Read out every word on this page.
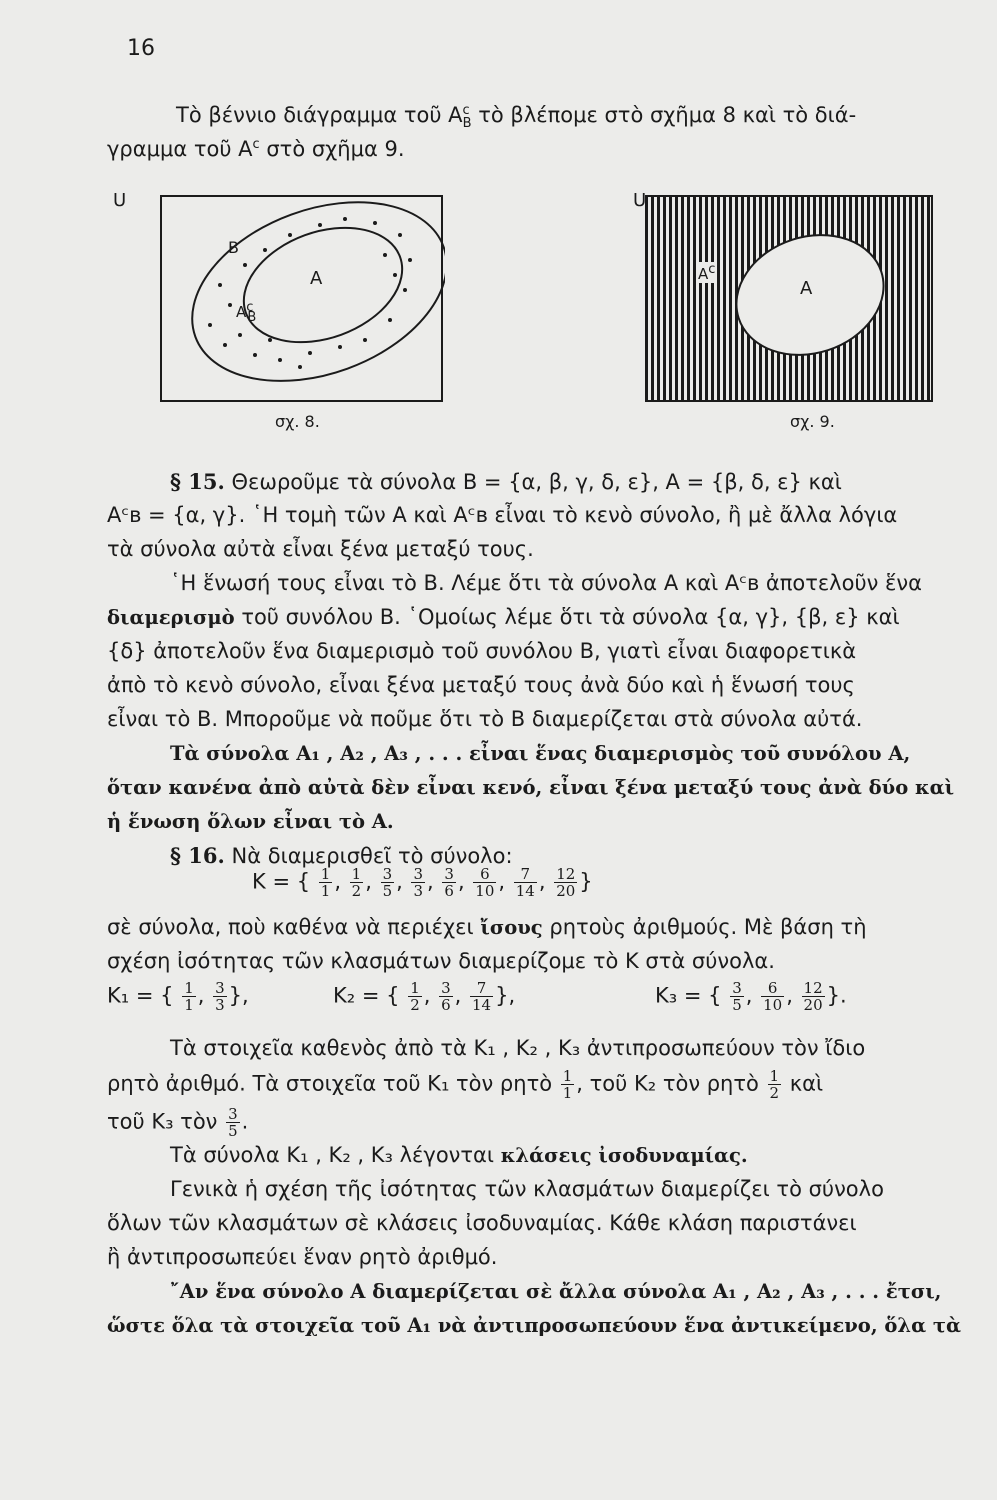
16
Τὸ βέννιο διάγραμμα τοῦ $A^c_B$ τὸ βλέπομε στὸ σχῆμα 8 καὶ τὸ διά-
γραμμα τοῦ $A^c$ στὸ σχῆμα 9.
U
B
A
$A^c_B$
σχ. 8.
U
A
$A^c$
σχ. 9.
§ 15. Θεωροῦμε τὰ σύνολα B = {α, β, γ, δ, ε}, A = {β, δ, ε} καὶ
Aᶜʙ = {α, γ}. ῾Η τομὴ τῶν A καὶ Aᶜʙ εἶναι τὸ κενὸ σύνολο, ἢ μὲ ἄλλα λόγια
τὰ σύνολα αὐτὰ εἶναι ξένα μεταξύ τους.
῾Η ἕνωσή τους εἶναι τὸ B. Λέμε ὅτι τὰ σύνολα A καὶ Aᶜʙ ἀποτελοῦν ἕνα
διαμερισμὸ τοῦ συνόλου B. ῾Ομοίως λέμε ὅτι τὰ σύνολα {α, γ}, {β, ε} καὶ
{δ} ἀποτελοῦν ἕνα διαμερισμὸ τοῦ συνόλου B, γιατὶ εἶναι διαφορετικὰ
ἀπὸ τὸ κενὸ σύνολο, εἶναι ξένα μεταξύ τους ἀνὰ δύο καὶ ἡ ἕνωσή τους
εἶναι τὸ B. Μποροῦμε νὰ ποῦμε ὅτι τὸ B διαμερίζεται στὰ σύνολα αὐτά.
Τὰ σύνολα A₁ , A₂ , A₃ , . . . εἶναι ἕνας διαμερισμὸς τοῦ συνόλου A,
ὅταν κανένα ἀπὸ αὐτὰ δὲν εἶναι κενό, εἶναι ξένα μεταξύ τους ἀνὰ δύο καὶ
ἡ ἕνωση ὅλων εἶναι τὸ A.
§ 16. Νὰ διαμερισθεῖ τὸ σύνολο:
K = { $\frac{1}{1}$ , $\frac{1}{2}$ , $\frac{3}{5}$ , $\frac{3}{3}$ , $\frac{3}{6}$ , $\frac{6}{10}$ , $\frac{7}{14}$ , $\frac{12}{20}$ }
σὲ σύνολα, ποὺ καθένα νὰ περιέχει ἴσους ρητοὺς ἀριθμούς. Μὲ βάση τὴ
σχέση ἰσότητας τῶν κλασμάτων διαμερίζομε τὸ K στὰ σύνολα.
K₁ = { $\frac{1}{1}$ , $\frac{3}{3}$ },	K₂ = { $\frac{1}{2}$ , $\frac{3}{6}$ , $\frac{7}{14}$ },	K₃ = { $\frac{3}{5}$ , $\frac{6}{10}$ , $\frac{12}{20}$ }.
Τὰ στοιχεῖα καθενὸς ἀπὸ τὰ K₁ , K₂ , K₃ ἀντιπροσωπεύουν τὸν ἴδιο
ρητὸ ἀριθμό. Τὰ στοιχεῖα τοῦ K₁ τὸν ρητὸ $\frac{1}{1}$ , τοῦ K₂ τὸν ρητὸ $\frac{1}{2}$ καὶ
τοῦ K₃ τὸν $\frac{3}{5}$ .
Τὰ σύνολα K₁ , K₂ , K₃ λέγονται κλάσεις ἰσοδυναμίας.
Γενικὰ ἡ σχέση τῆς ἰσότητας τῶν κλασμάτων διαμερίζει τὸ σύνολο
ὅλων τῶν κλασμάτων σὲ κλάσεις ἰσοδυναμίας. Κάθε κλάση παριστάνει
ἢ ἀντιπροσωπεύει ἕναν ρητὸ ἀριθμό.
῎Αν ἕνα σύνολο A διαμερίζεται σὲ ἄλλα σύνολα A₁ , A₂ , A₃ , . . . ἔτσι,
ὥστε ὅλα τὰ στοιχεῖα τοῦ A₁ νὰ ἀντιπροσωπεύουν ἕνα ἀντικείμενο, ὅλα τὰ
